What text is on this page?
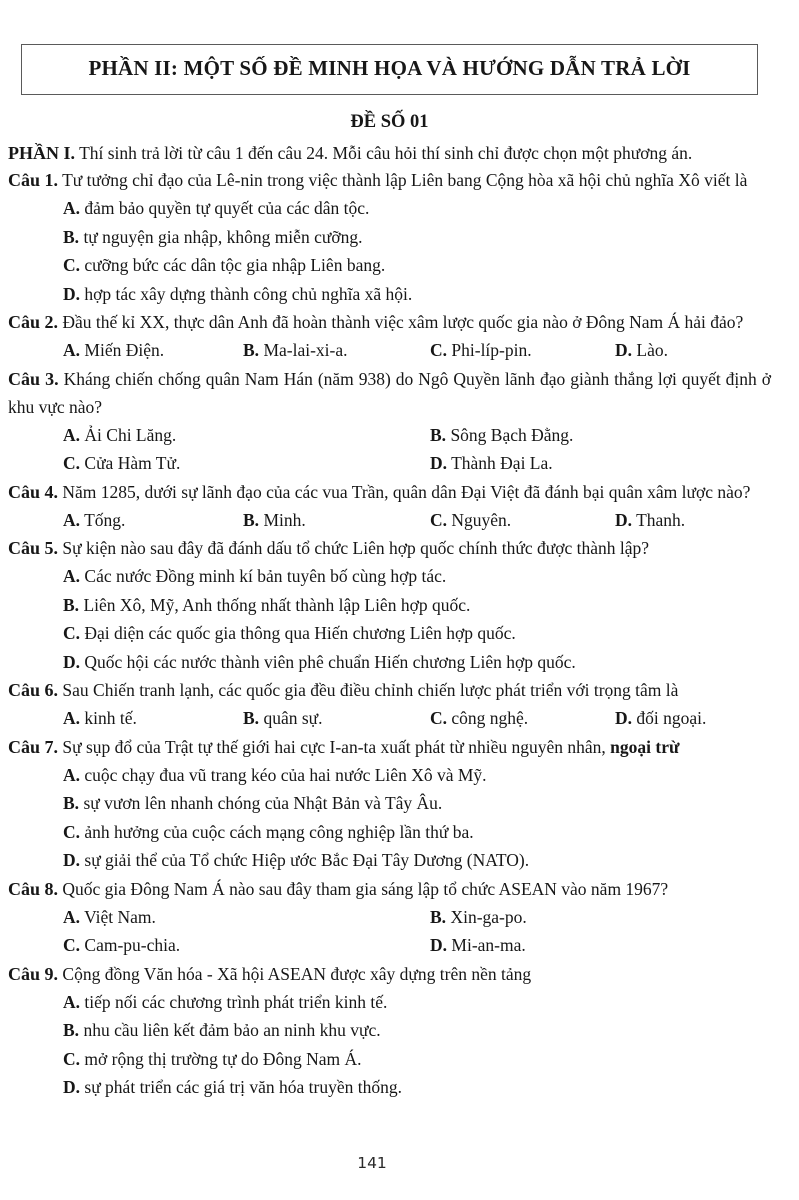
PHẦN II: MỘT SỐ ĐỀ MINH HỌA VÀ HƯỚNG DẪN TRẢ LỜI
ĐỀ SỐ 01

PHẦN I. Thí sinh trả lời từ câu 1 đến câu 24. Mỗi câu hỏi thí sinh chỉ được chọn một phương án.

Câu 1. Tư tưởng chỉ đạo của Lê-nin trong việc thành lập Liên bang Cộng hòa xã hội chủ nghĩa Xô viết là

A. đảm bảo quyền tự quyết của các dân tộc.
B. tự nguyện gia nhập, không miễn cưỡng.
C. cưỡng bức các dân tộc gia nhập Liên bang.
D. hợp tác xây dựng thành công chủ nghĩa xã hội.

Câu 2. Đầu thế kỉ XX, thực dân Anh đã hoàn thành việc xâm lược quốc gia nào ở Đông Nam Á hải đảo?

A. Miến Điện.	B. Ma-lai-xi-a.	C. Phi-líp-pin.	D. Lào.

Câu 3. Kháng chiến chống quân Nam Hán (năm 938) do Ngô Quyền lãnh đạo giành thắng lợi quyết định ở khu vực nào?

A. Ải Chi Lăng.	B. Sông Bạch Đằng.
C. Cửa Hàm Tử.	D. Thành Đại La.

Câu 4. Năm 1285, dưới sự lãnh đạo của các vua Trần, quân dân Đại Việt đã đánh bại quân xâm lược nào?

A. Tống.	B. Minh.	C. Nguyên.	D. Thanh.

Câu 5. Sự kiện nào sau đây đã đánh dấu tổ chức Liên hợp quốc chính thức được thành lập?

A. Các nước Đồng minh kí bản tuyên bố cùng hợp tác.
B. Liên Xô, Mỹ, Anh thống nhất thành lập Liên hợp quốc.
C. Đại diện các quốc gia thông qua Hiến chương Liên hợp quốc.
D. Quốc hội các nước thành viên phê chuẩn Hiến chương Liên hợp quốc.

Câu 6. Sau Chiến tranh lạnh, các quốc gia đều điều chỉnh chiến lược phát triển với trọng tâm là

A. kinh tế.	B. quân sự.	C. công nghệ.	D. đối ngoại.

Câu 7. Sự sụp đổ của Trật tự thế giới hai cực I-an-ta xuất phát từ nhiều nguyên nhân, ngoại trừ

A. cuộc chạy đua vũ trang kéo của hai nước Liên Xô và Mỹ.
B. sự vươn lên nhanh chóng của Nhật Bản và Tây Âu.
C. ảnh hưởng của cuộc cách mạng công nghiệp lần thứ ba.
D. sự giải thể của Tổ chức Hiệp ước Bắc Đại Tây Dương (NATO).

Câu 8. Quốc gia Đông Nam Á nào sau đây tham gia sáng lập tổ chức ASEAN vào năm 1967?

A. Việt Nam.	B. Xin-ga-po.
C. Cam-pu-chia.	D. Mi-an-ma.

Câu 9. Cộng đồng Văn hóa - Xã hội ASEAN được xây dựng trên nền tảng

A. tiếp nối các chương trình phát triển kinh tế.
B. nhu cầu liên kết đảm bảo an ninh khu vực.
C. mở rộng thị trường tự do Đông Nam Á.
D. sự phát triển các giá trị văn hóa truyền thống.
141
